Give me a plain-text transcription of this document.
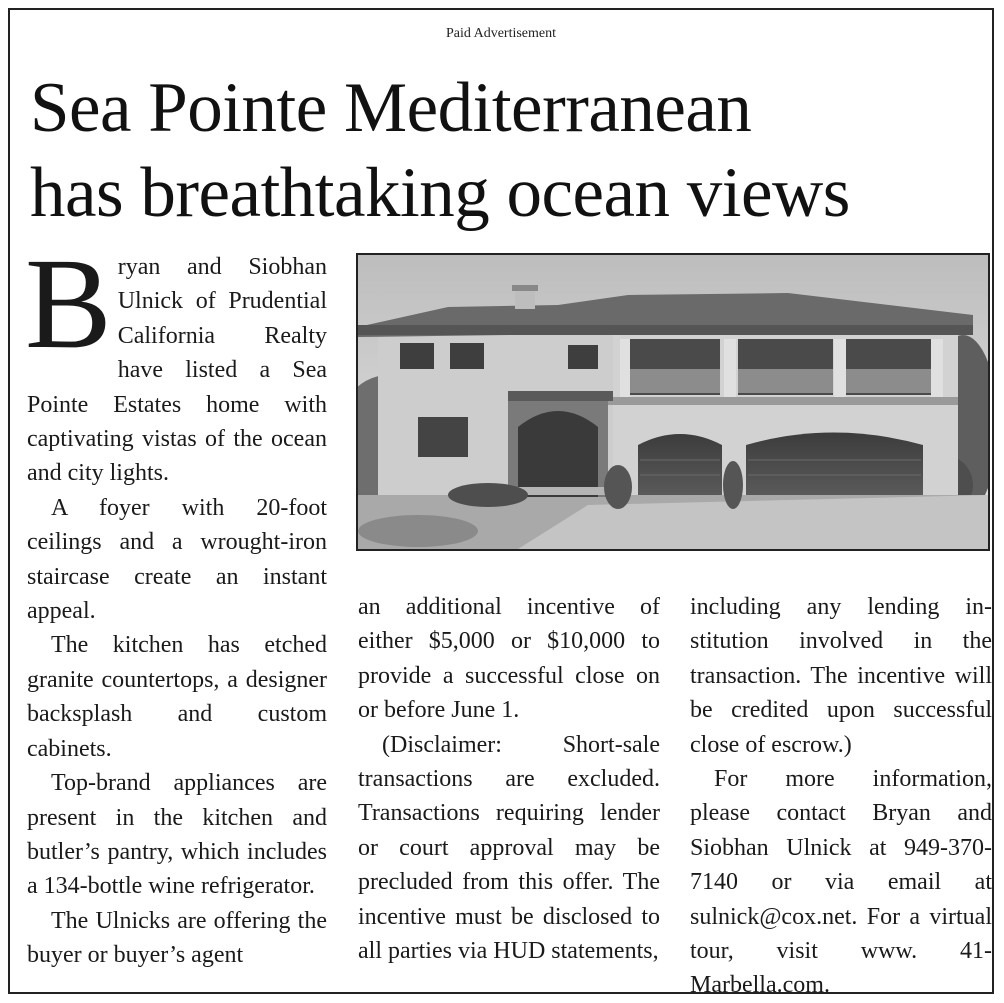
Paid Advertisement
Sea Pointe Mediterranean
has breathtaking ocean views

Bryan and Siobhan Ulnick of Prudential California Realty have listed a Sea Pointe Estates home with captivating vistas of the ocean and city lights.

A foyer with 20-foot ceilings and a wrought-iron staircase create an instant appeal.

The kitchen has etched granite countertops, a designer backsplash and custom cabinets.

Top-brand appliances are present in the kitchen and butler’s pantry, which includes a 134-bottle wine refrigerator.

The Ulnicks are offering the buyer or buyer’s agent

an additional incentive of either $5,000 or $10,000 to provide a successful close on or before June 1.

(Disclaimer: Short-sale transactions are excluded. Transactions requiring lender or court approval may be precluded from this offer. The incentive must be disclosed to all parties via HUD statements,

including any lending institution involved in the transaction. The incentive will be credited upon successful close of escrow.)

For more information, please contact Bryan and Siobhan Ulnick at 949-370-7140 or via email at sulnick@cox.net. For a virtual tour, visit www. 41-Marbella.com.
